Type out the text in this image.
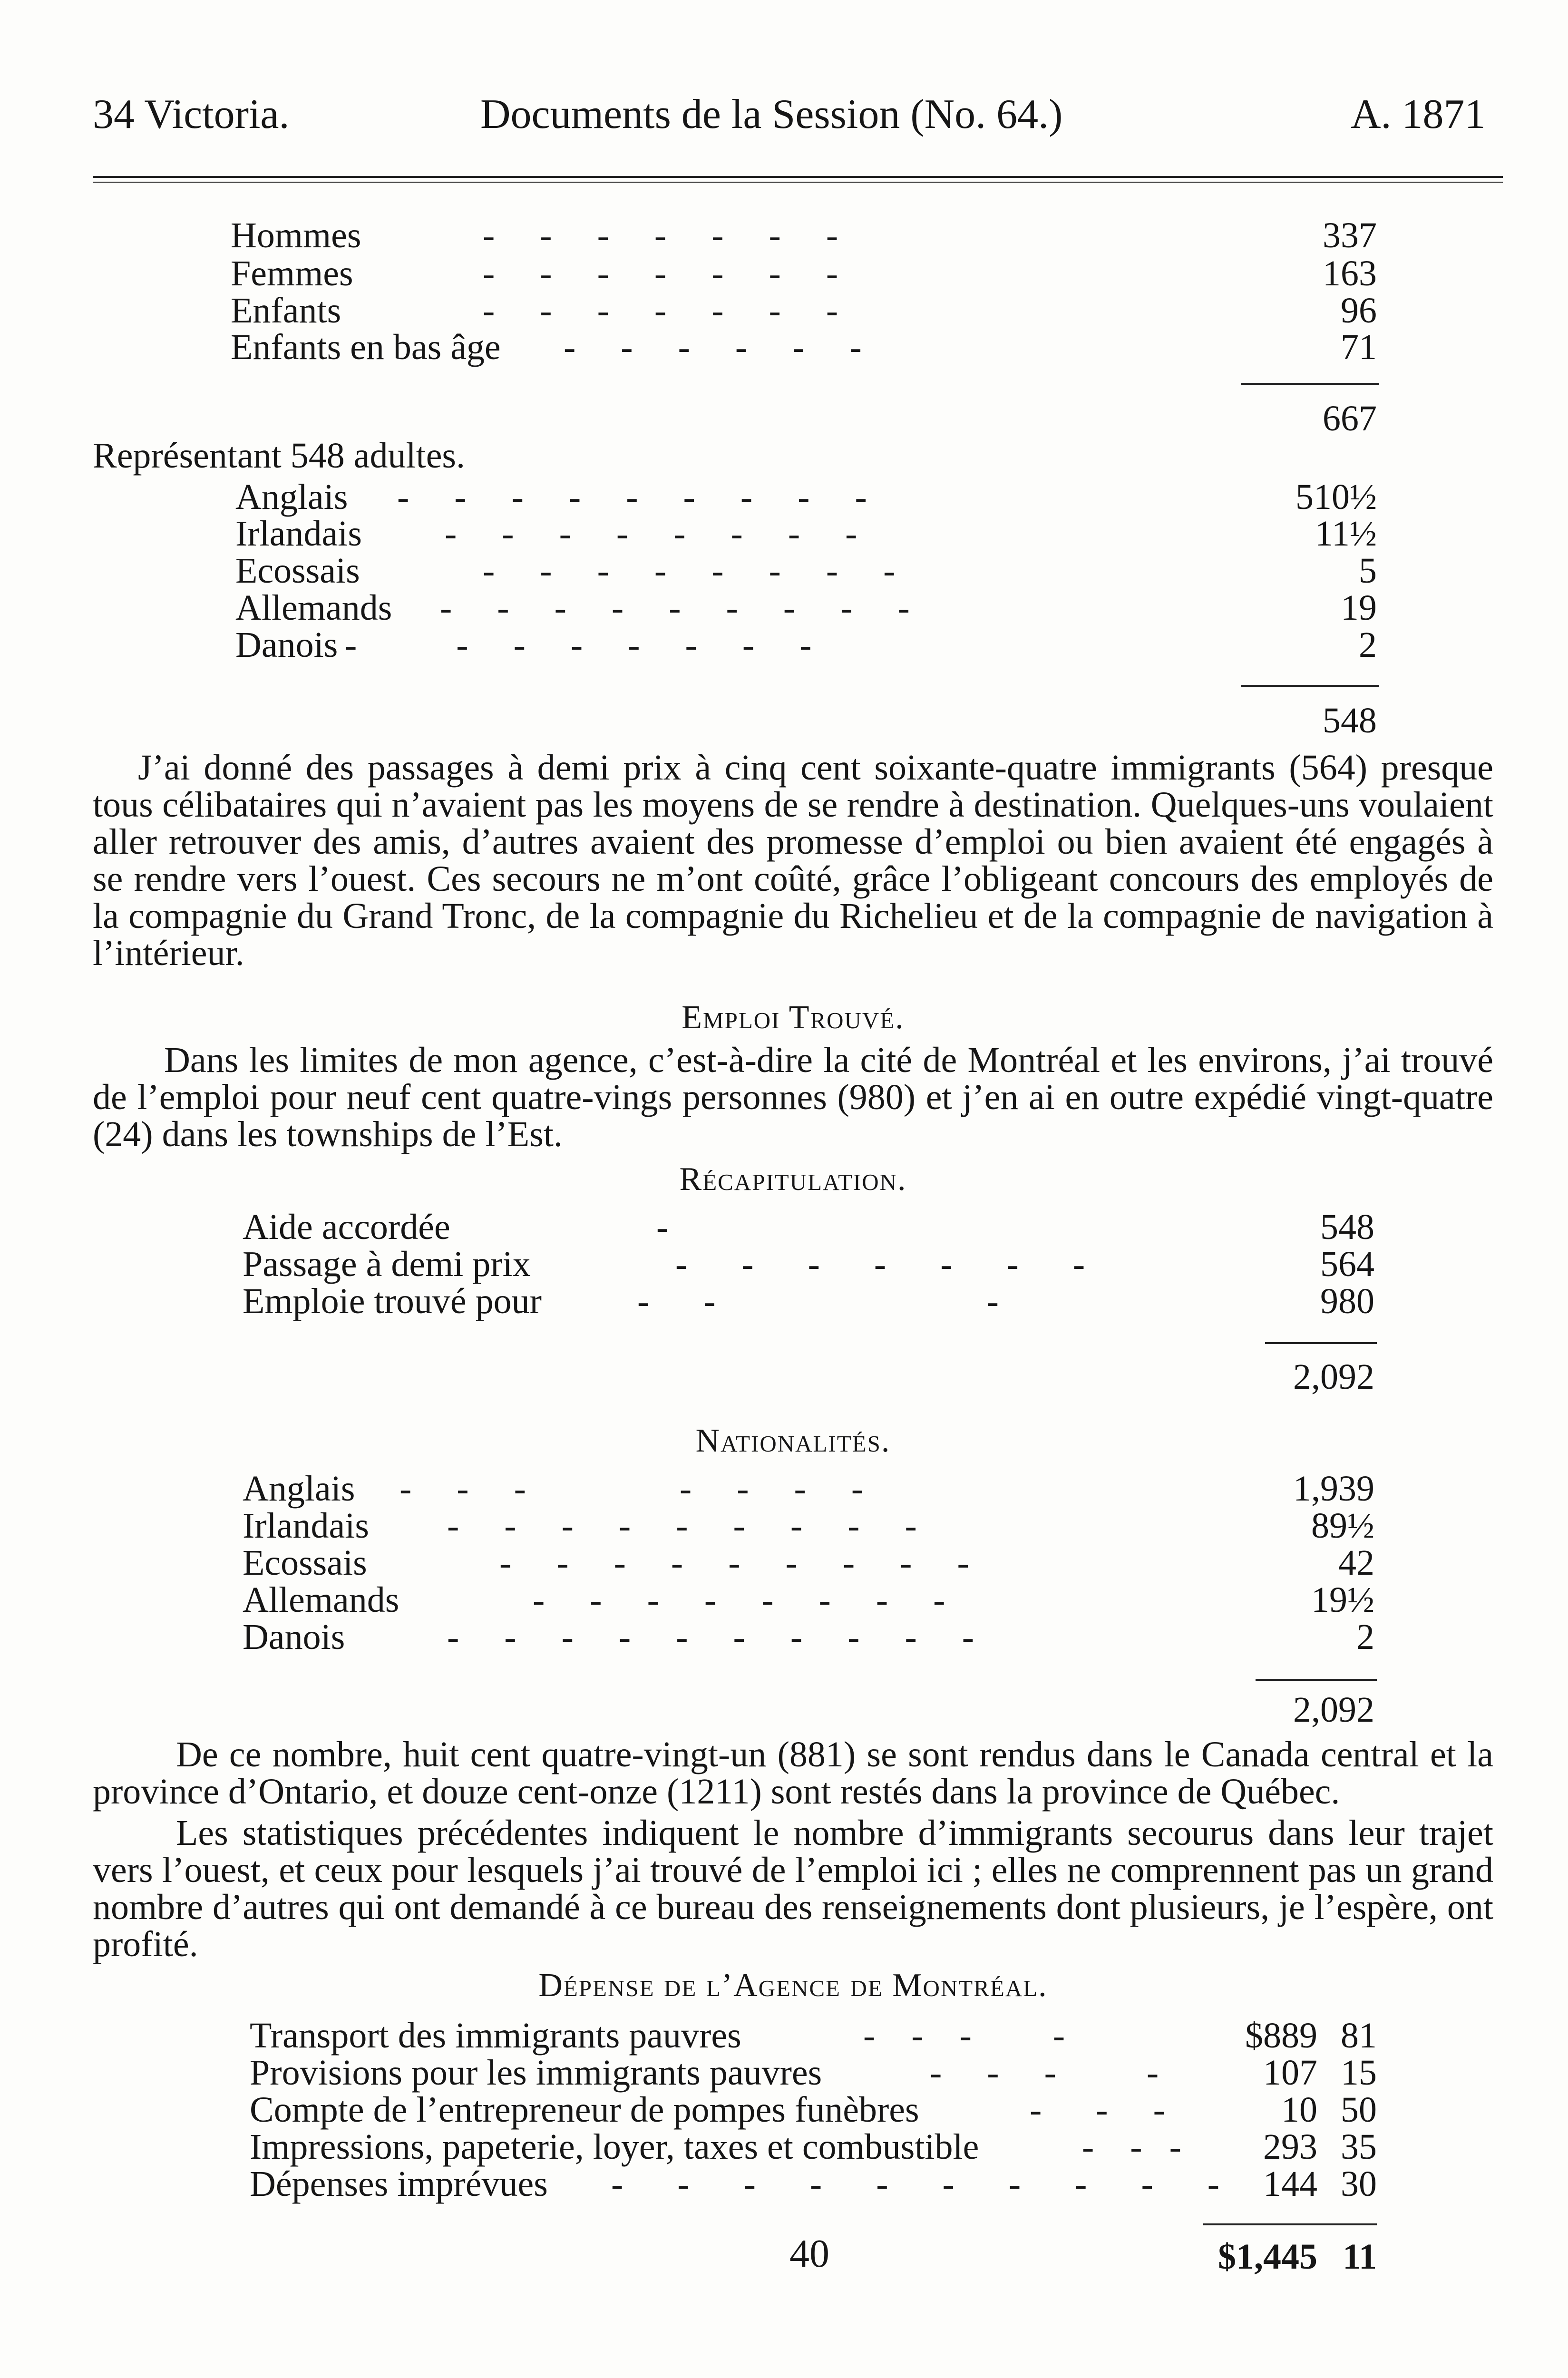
34 Victoria.	Documents de la Session (No. 64.)	A. 1871
Hommes	-     -     -     -     -     -     -	337
Femmes	-     -     -     -     -     -     -	163
Enfants	-     -     -     -     -     -     -	96
Enfants en bas âge -     -     -     -     -     -	71
667
Représentant 548 adultes.
Anglais -     -     -     -     -     -     -     -     -	510½
Irlandais -     -     -     -     -     -     -     -	11½
Ecossais	-     -     -     -     -     -     -     -	5
Allemands -     -     -     -     -     -     -     -     -	19
Danois -           -     -     -     -     -     -     -	2
548
J’ai donné des passages à demi prix à cinq cent soixante-quatre immigrants (564) presque tous célibataires qui n’avaient pas les moyens de se rendre à destination. Quelques-uns voulaient aller retrouver des amis, d’autres avaient des promesse d’emploi ou bien avaient été engagés à se rendre vers l’ouest. Ces secours ne m’ont coûté, grâce l’obligeant concours des employés de la compagnie du Grand Tronc, de la compagnie du Richelieu et de la compagnie de navigation à l’intérieur.
Emploi Trouvé.
Dans les limites de mon agence, c’est-à-dire la cité de Montréal et les environs, j’ai trouvé de l’emploi pour neuf cent quatre-vings personnes (980) et j’en ai en outre expédié vingt-quatre (24) dans les townships de l’Est.
Récapitulation.
Aide accordée	-	548
Passage à demi prix	-      -      -      -      -      -      -	564
Emploie trouvé pour	-      -                              -	980
2,092
Nationalités.
Anglais -     -     -                 -     -     -     -	1,939
Irlandais -     -     -     -     -     -     -     -     -	89½
Ecossais	-     -     -     -     -     -     -     -     -	42
Allemands	-     -     -     -     -     -     -     -	19½
Danois	-     -     -     -     -     -     -     -     -     -	2
2,092
De ce nombre, huit cent quatre-vingt-un (881) se sont rendus dans le Canada central et la province d’Ontario, et douze cent-onze (1211) sont restés dans la province de Québec.
Les statistiques précédentes indiquent le nombre d’immigrants secourus dans leur trajet vers l’ouest, et ceux pour lesquels j’ai trouvé de l’emploi ici ; elles ne comprennent pas un grand nombre d’autres qui ont demandé à ce bureau des renseignements dont plusieurs, je l’espère, ont profité.
Dépense de l’Agence de Montréal.
Transport des immigrants pauvres	-    -    -         -	$889 81
Provisions pour les immigrants pauvres	-     -     -          -	107 15
Compte de l’entrepreneur de pompes funèbres	-      -     -	10 50
Impressions, papeterie, loyer, taxes et combustible	-    -   - 293 35
Dépenses imprévues -      -      -      -      -      -      -      -      -      - 144 30
$1,445 11
40
